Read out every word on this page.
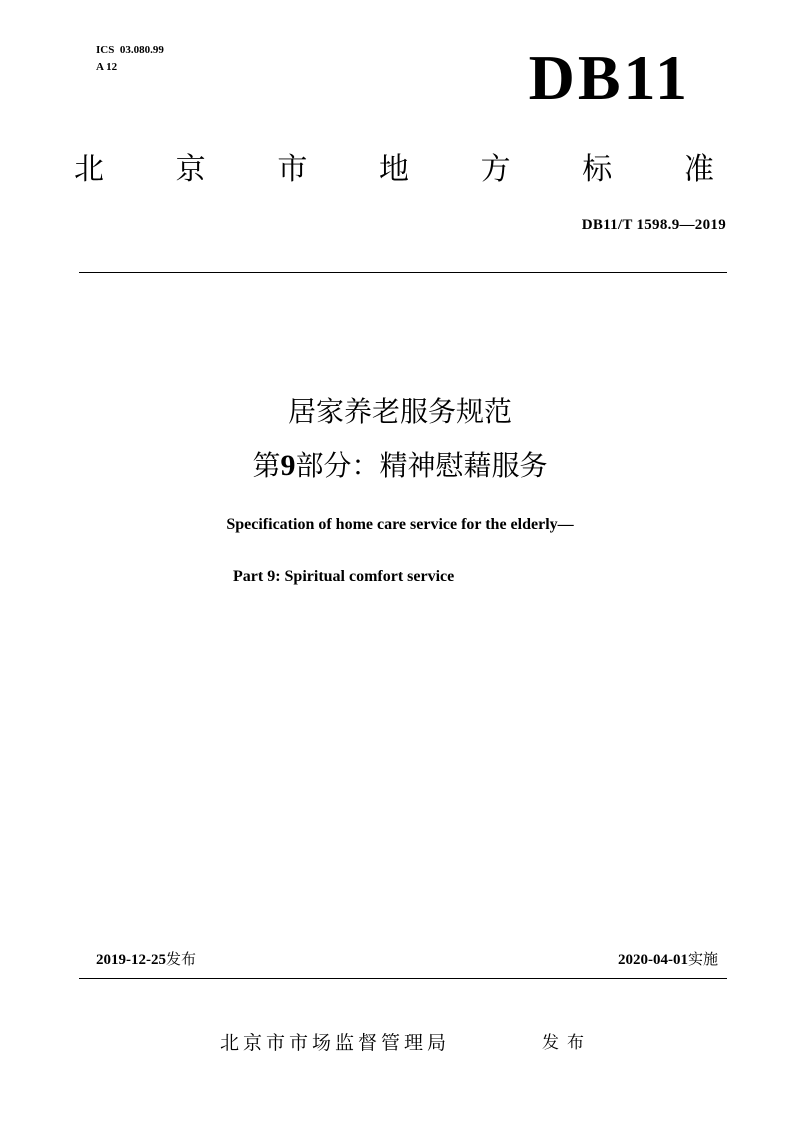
ICS  03.080.99
A 12	DB11
北 京 市 地 方 标 准
DB11/T 1598.9—2019
居家养老服务规范
第9部分：精神慰藉服务
Specification of home care service for the elderly—
Part 9: Spiritual comfort service
2019-12-25发布	2020-04-01实施
北京市市场监督管理局	发布
